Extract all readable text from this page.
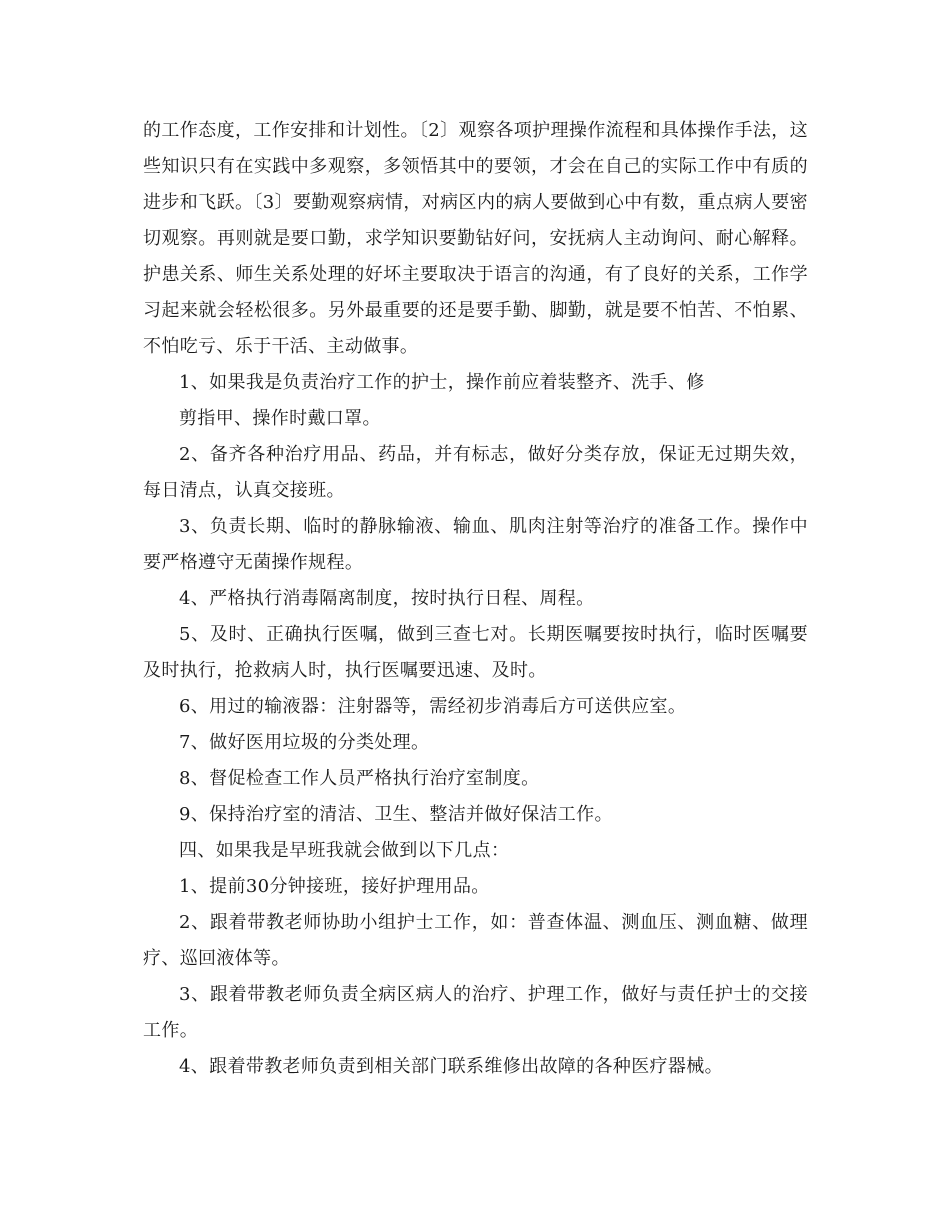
的工作态度，工作安排和计划性。〔2〕观察各项护理操作流程和具体操作手法，这些知识只有在实践中多观察，多领悟其中的要领，才会在自己的实际工作中有质的进步和飞跃。〔3〕要勤观察病情，对病区内的病人要做到心中有数，重点病人要密切观察。再则就是要口勤，求学知识要勤钻好问，安抚病人主动询问、耐心解释。护患关系、师生关系处理的好坏主要取决于语言的沟通，有了良好的关系，工作学习起来就会轻松很多。另外最重要的还是要手勤、脚勤，就是要不怕苦、不怕累、不怕吃亏、乐于干活、主动做事。

1、如果我是负责治疗工作的护士，操作前应着装整齐、洗手、修

剪指甲、操作时戴口罩。

2、备齐各种治疗用品、药品，并有标志，做好分类存放，保证无过期失效，每日清点，认真交接班。

3、负责长期、临时的静脉输液、输血、肌肉注射等治疗的准备工作。操作中要严格遵守无菌操作规程。

4、严格执行消毒隔离制度，按时执行日程、周程。

5、及时、正确执行医嘱，做到三查七对。长期医嘱要按时执行，临时医嘱要及时执行，抢救病人时，执行医嘱要迅速、及时。

6、用过的输液器：注射器等，需经初步消毒后方可送供应室。

7、做好医用垃圾的分类处理。

8、督促检查工作人员严格执行治疗室制度。

9、保持治疗室的清洁、卫生、整洁并做好保洁工作。

四、如果我是早班我就会做到以下几点：

1、提前30分钟接班，接好护理用品。

2、跟着带教老师协助小组护士工作，如：普查体温、测血压、测血糖、做理疗、巡回液体等。

3、跟着带教老师负责全病区病人的治疗、护理工作，做好与责任护士的交接工作。

4、跟着带教老师负责到相关部门联系维修出故障的各种医疗器械。
